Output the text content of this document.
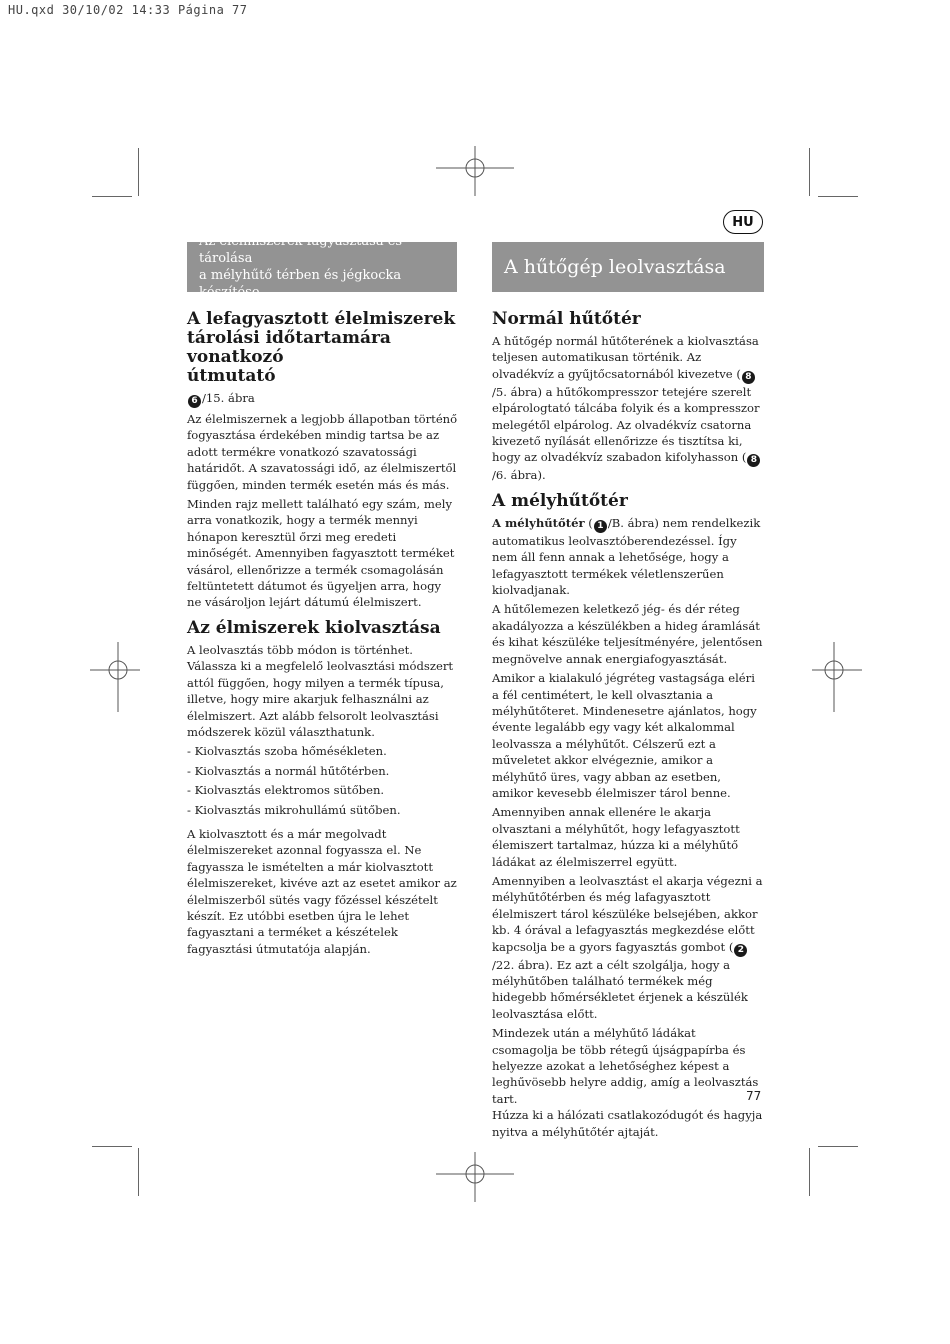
HU.qxd 30/10/02 14:33 Página 77
HU
Az élelmiszerek fagyasztása és tárolása
a mélyhűtő térben és jégkocka készítése
A hűtőgép leolvasztása
A lefagyasztott élelmiszerek
tárolási időtartamára vonatkozó
útmutató

6 /15. ábra

Az élelmiszernek a legjobb állapotban történő fogyasztása érdekében mindig tartsa be az adott termékre vonatkozó szavatossági határidőt. A szavatossági idő, az élelmiszertől függően, minden termék esetén más és más.

Minden rajz mellett található egy szám, mely arra vonatkozik, hogy a termék mennyi hónapon keresztül őrzi meg eredeti minőségét. Amennyiben fagyasztott terméket vásárol, ellenőrizze a termék csomagolásán feltüntetett dátumot és ügyeljen arra, hogy ne vásároljon lejárt dátumú élelmiszert.

Az élmiszerek kiolvasztása

A leolvasztás több módon is történhet. Válassza ki a megfelelő leolvasztási módszert attól függően, hogy milyen a termék típusa, illetve, hogy mire akarjuk felhasználni az élelmiszert. Azt alább felsorolt leolvasztási módszerek közül választhatunk.

- Kiolvasztás szoba hőmésékleten.
- Kiolvasztás a normál hűtőtérben.
- Kiolvasztás elektromos sütőben.
- Kiolvasztás mikrohullámú sütőben.

A kiolvasztott és a már megolvadt élelmiszereket azonnal fogyassza el. Ne fagyassza le ismételten a már kiolvasztott élelmiszereket, kivéve azt az esetet amikor az élelmiszerből sütés vagy főzéssel készételt készít. Ez utóbbi esetben újra le lehet fagyasztani a terméket a készételek fagyasztási útmutatója alapján.

Normál hűtőtér

A hűtőgép normál hűtőterének a kiolvasztása teljesen automatikusan történik. Az olvadékvíz a gyűjtőcsatornából kivezetve ( 8/5. ábra) a hűtőkompresszor tetejére szerelt elpárologtató tálcába folyik és a kompresszor melegétől elpárolog. Az olvadékvíz csatorna kivezető nyílását ellenőrizze és tisztítsa ki, hogy az olvadékvíz szabadon kifolyhasson ( 8/6. ábra).

A mélyhűtőtér

A mélyhűtőtér ( 1 /B. ábra) nem rendelkezik automatikus leolvasztóberendezéssel. Így nem áll fenn annak a lehetősége, hogy a lefagyasztott termékek véletlenszerűen kiolvadjanak.

A hűtőlemezen keletkező jég- és dér réteg akadályozza a készülékben a hideg áramlását és kihat készüléke teljesítményére, jelentősen megnövelve annak energiafogyasztását.

Amikor a kialakuló jégréteg vastagsága eléri a fél centimétert, le kell olvasztania a mélyhűtőteret. Mindenesetre ajánlatos, hogy évente legalább egy vagy két alkalommal leolvassza a mélyhűtőt. Célszerű ezt a műveletet akkor elvégeznie, amikor a mélyhűtő üres, vagy abban az esetben, amikor kevesebb élelmiszer tárol benne.

Amennyiben annak ellenére le akarja olvasztani a mélyhűtőt, hogy lefagyasztott élemiszert tartalmaz, húzza ki a mélyhűtő ládákat az élelmiszerrel együtt.

Amennyiben a leolvasztást el akarja végezni a mélyhűtőtérben és még lafagyasztott élelmiszert tárol készüléke belsejében, akkor kb. 4 órával a lefagyasztás megkezdése előtt kapcsolja be a gyors fagyasztás gombot ( 2/22. ábra). Ez azt a célt szolgálja, hogy a mélyhűtőben található termékek még hidegebb hőmérsékletet érjenek a készülék leolvasztása előtt.

Mindezek után a mélyhűtő ládákat csomagolja be több rétegű újságpapírba és helyezze azokat a lehetőséghez képest a leghűvösebb helyre addig, amíg a leolvasztás tart.

Húzza ki a hálózati csatlakozódugót és hagyja nyitva a mélyhűtőtér ajtaját.

77
